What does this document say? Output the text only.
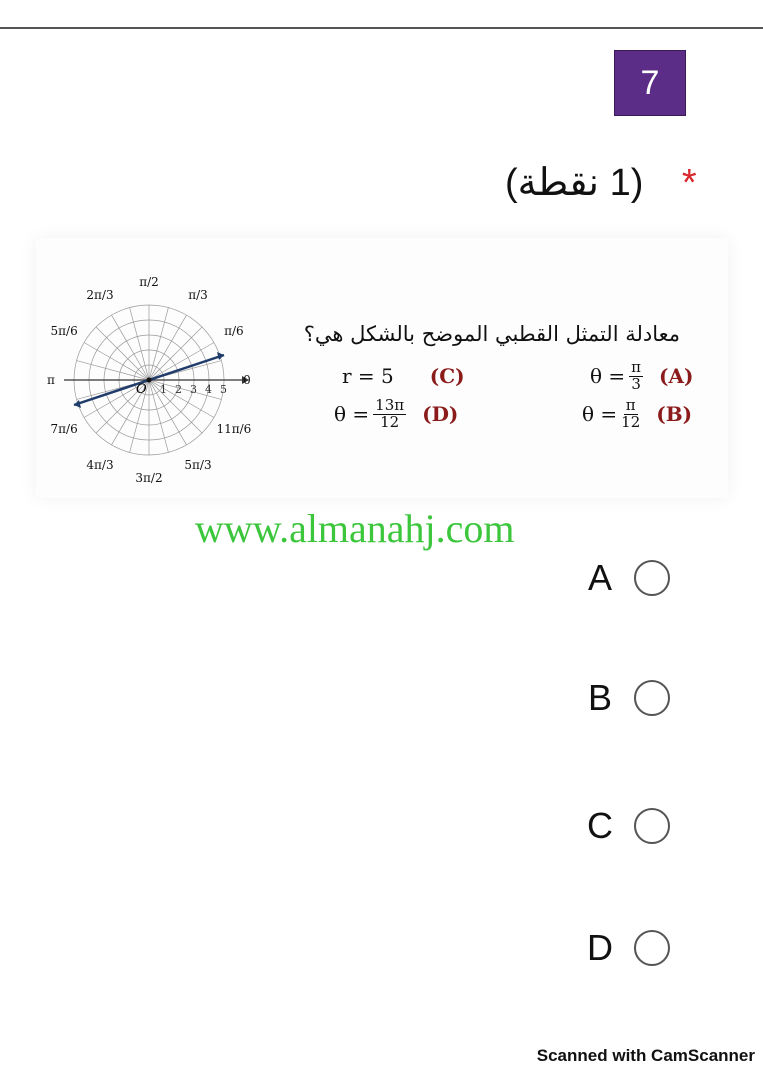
7
* (1 نقطة)
O 1 2 3 4 5
π/2
π/3
π/6
0
11π/6
5π/3
3π/2
4π/3
7π/6
π
5π/6
2π/3
معادلة التمثل القطبي الموضح بالشكل هي؟
$\theta = \frac{\pi}{3} (A)$
r = 5 (C)
$\theta = \frac{\pi}{12} (B)$
$\theta = \frac{13\pi}{12} (D)$
www.almanahj.com
A
B
C
D
Scanned with CamScanner
